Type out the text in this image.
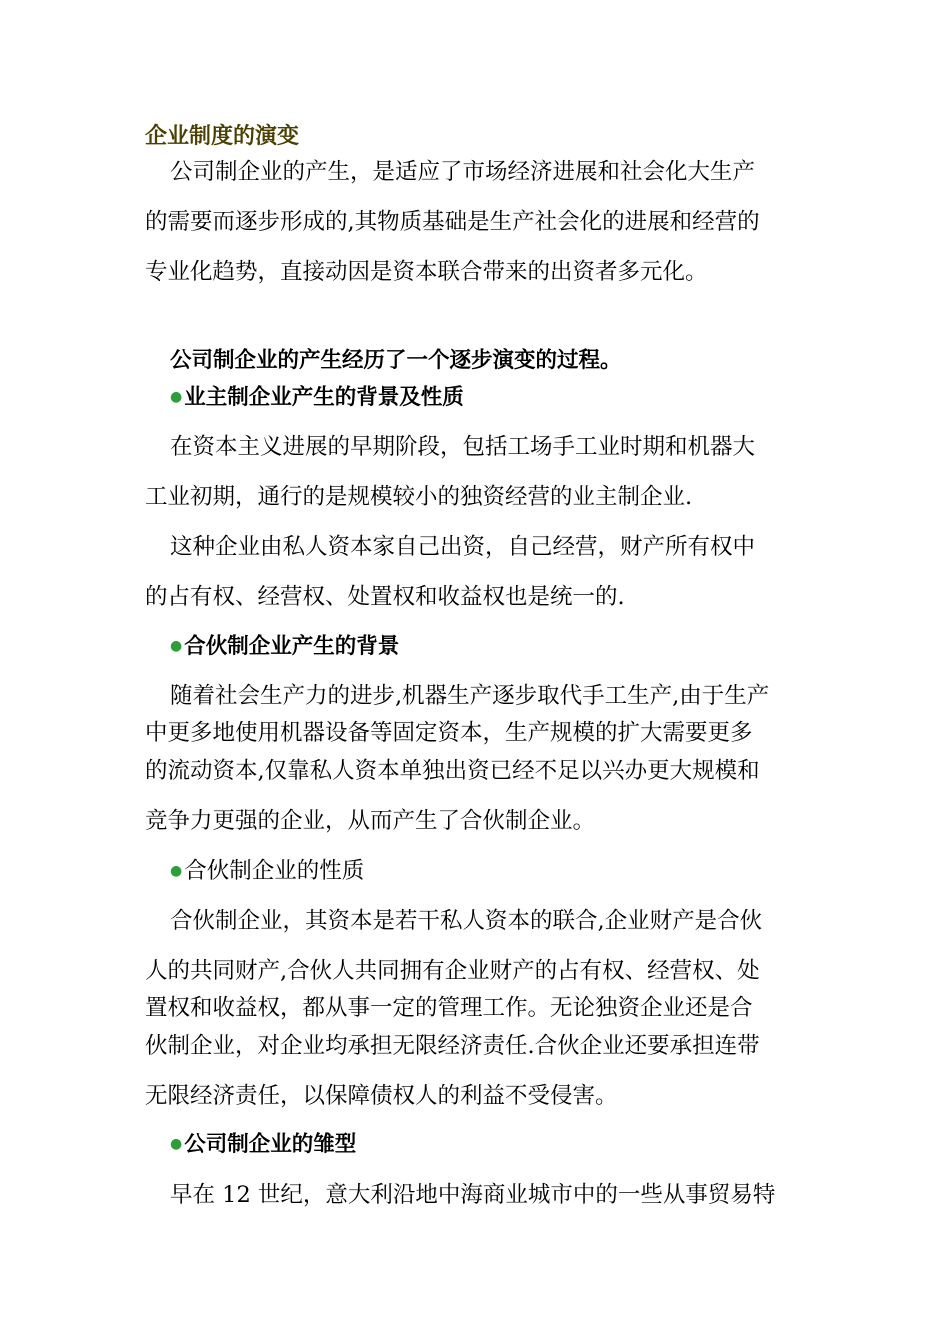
企业制度的演变
公司制企业的产生，是适应了市场经济进展和社会化大生产
的需要而逐步形成的,其物质基础是生产社会化的进展和经营的
专业化趋势，直接动因是资本联合带来的出资者多元化。
公司制企业的产生经历了一个逐步演变的过程。
●业主制企业产生的背景及性质
在资本主义进展的早期阶段，包括工场手工业时期和机器大
工业初期，通行的是规模较小的独资经营的业主制企业.
这种企业由私人资本家自己出资，自己经营，财产所有权中
的占有权、经营权、处置权和收益权也是统一的.
●合伙制企业产生的背景
随着社会生产力的进步,机器生产逐步取代手工生产,由于生产
中更多地使用机器设备等固定资本，生产规模的扩大需要更多
的流动资本,仅靠私人资本单独出资已经不足以兴办更大规模和
竞争力更强的企业，从而产生了合伙制企业。
●合伙制企业的性质
合伙制企业，其资本是若干私人资本的联合,企业财产是合伙
人的共同财产,合伙人共同拥有企业财产的占有权、经营权、处
置权和收益权，都从事一定的管理工作。无论独资企业还是合
伙制企业，对企业均承担无限经济责任.合伙企业还要承担连带
无限经济责任，以保障债权人的利益不受侵害。
●公司制企业的雏型
早在 12 世纪，意大利沿地中海商业城市中的一些从事贸易特
